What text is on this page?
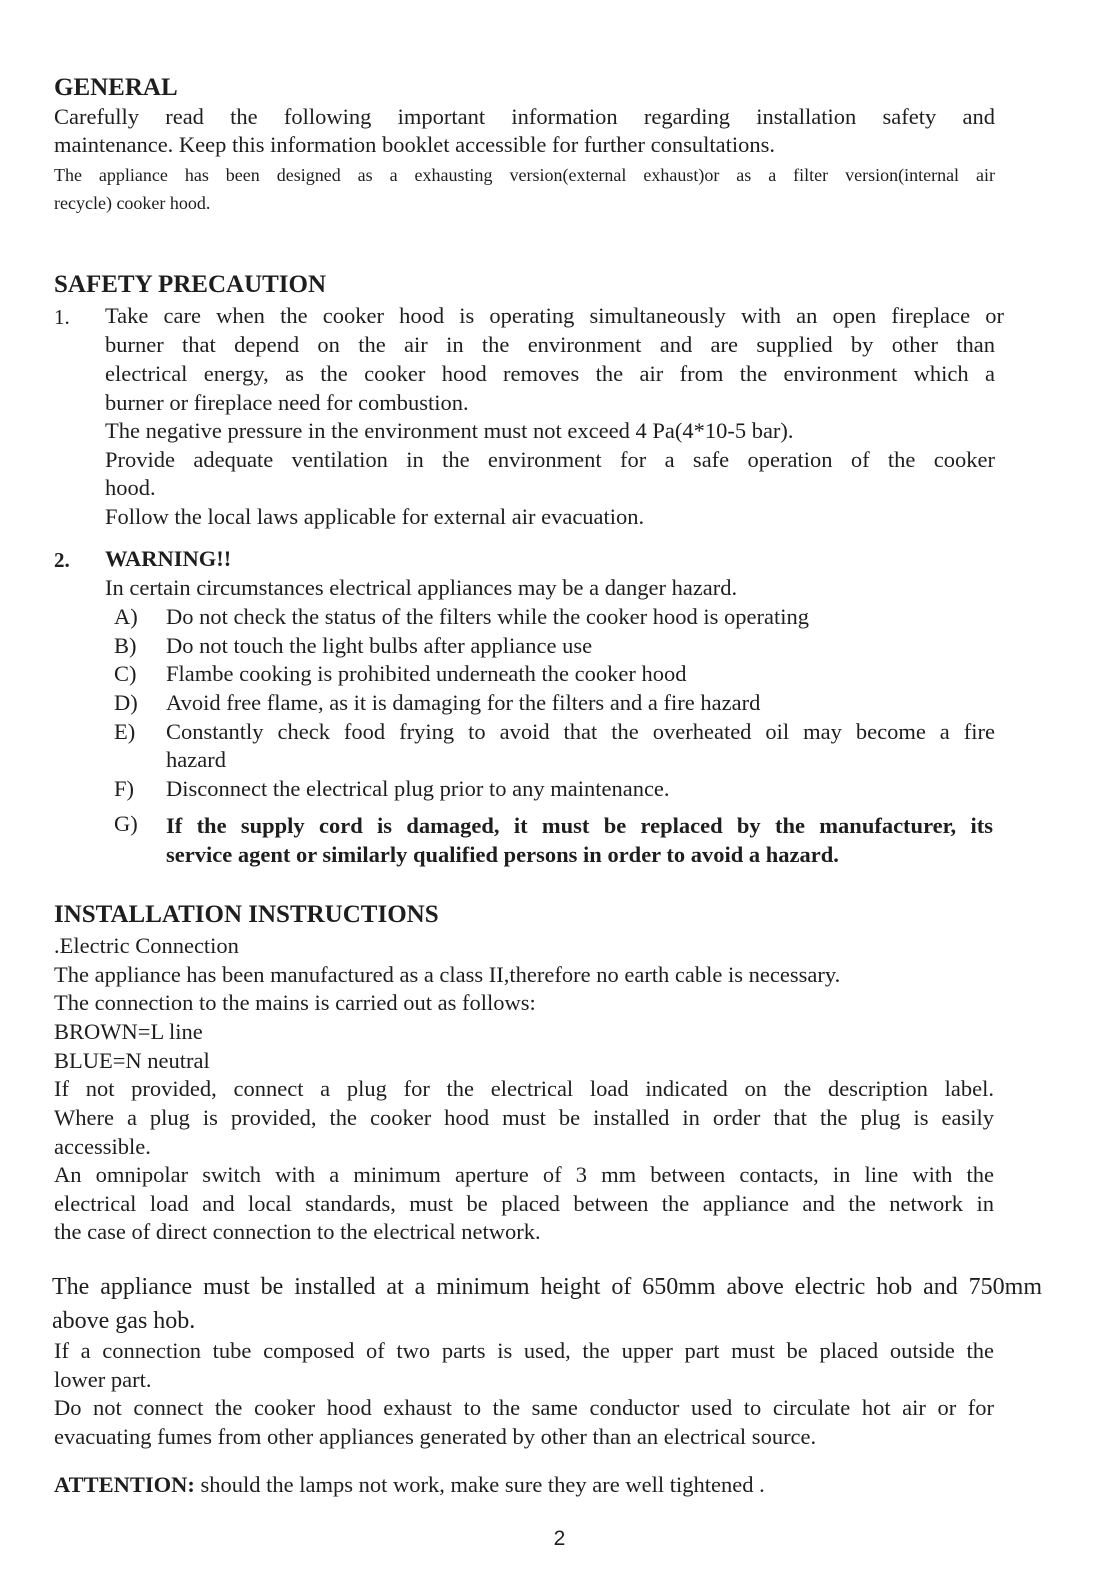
GENERAL
Carefully read the following important information regarding installation safety and
maintenance. Keep this information booklet accessible for further consultations.
The appliance has been designed as a exhausting version(external exhaust)or as a filter version(internal air
recycle) cooker hood.
SAFETY PRECAUTION
1. Take care when the cooker hood is operating simultaneously with an open fireplace or
burner that depend on the air in the environment and are supplied by other than
electrical energy, as the cooker hood removes the air from the environment which a
burner or fireplace need for combustion.
The negative pressure in the environment must not exceed 4 Pa(4*10-5 bar).
Provide adequate ventilation in the environment for a safe operation of the cooker
hood.
Follow the local laws applicable for external air evacuation.
2. WARNING!!
In certain circumstances electrical appliances may be a danger hazard.
A) Do not check the status of the filters while the cooker hood is operating
B) Do not touch the light bulbs after appliance use
C) Flambe cooking is prohibited underneath the cooker hood
D) Avoid free flame, as it is damaging for the filters and a fire hazard
E) Constantly check food frying to avoid that the overheated oil may become a fire
hazard
F) Disconnect the electrical plug prior to any maintenance.
G) If the supply cord is damaged, it must be replaced by the manufacturer, its
service agent or similarly qualified persons in order to avoid a hazard.
INSTALLATION INSTRUCTIONS
.Electric Connection
The appliance has been manufactured as a class II,therefore no earth cable is necessary.
The connection to the mains is carried out as follows:
BROWN=L line
BLUE=N neutral
If not provided, connect a plug for the electrical load indicated on the description label.
Where a plug is provided, the cooker hood must be installed in order that the plug is easily
accessible.
An omnipolar switch with a minimum aperture of 3 mm between contacts, in line with the
electrical load and local standards, must be placed between the appliance and the network in
the case of direct connection to the electrical network.
The appliance must be installed at a minimum height of 650mm above electric hob and 750mm
above gas hob.
If a connection tube composed of two parts is used, the upper part must be placed outside the
lower part.
Do not connect the cooker hood exhaust to the same conductor used to circulate hot air or for
evacuating fumes from other appliances generated by other than an electrical source.
ATTENTION: should the lamps not work, make sure they are well tightened .
2
